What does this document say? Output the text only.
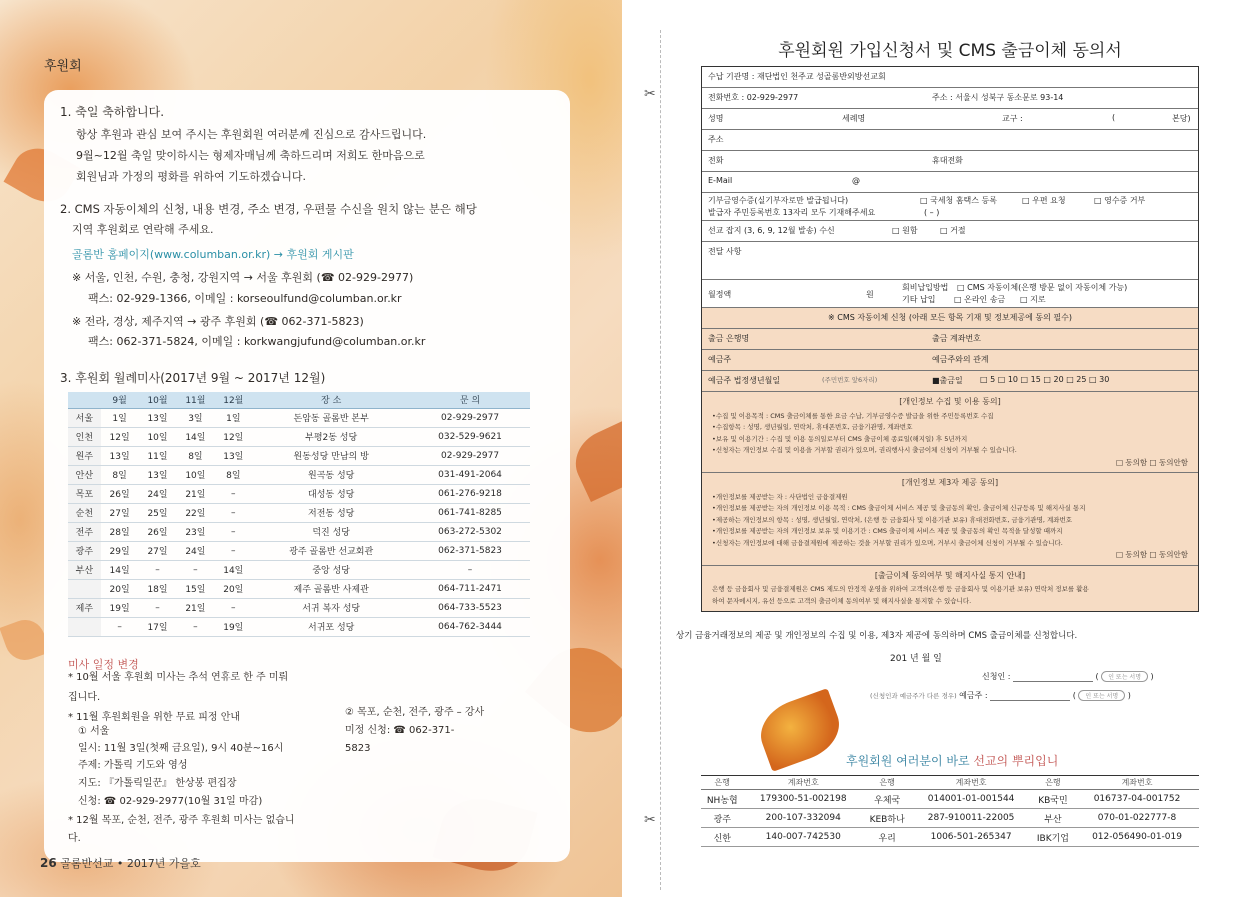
후원회
1. 축일 축하합니다.
항상 후원과 관심 보여 주시는 후원회원 여러분께 진심으로 감사드립니다.
9월~12월 축일 맞이하시는 형제자매님께 축하드리며 저희도 한마음으로
회원님과 가정의 평화를 위하여 기도하겠습니다.
2. CMS 자동이체의 신청, 내용 변경, 주소 변경, 우편물 수신을 원치 않는 분은 해당
지역 후원회로 연락해 주세요.
골롬반 홈페이지(www.columban.or.kr) → 후원회 게시판
※ 서울, 인천, 수원, 충청, 강원지역 → 서울 후원회 (☎ 02-929-2977)
팩스: 02-929-1366, 이메일 : korseoulfund@columban.or.kr
※ 전라, 경상, 제주지역 → 광주 후원회 (☎ 062-371-5823)
팩스: 062-371-5824, 이메일 : korkwangjufund@columban.or.kr
3. 후원회 월례미사(2017년 9월 ~ 2017년 12월)
	9월	10월	11월	12월	장 소	문 의
서울	1일	13일	3일	1일	돈암동 골롬반 본부	02-929-2977
인천	12일	10일	14일	12일	부평2동 성당	032-529-9621
원주	13일	11일	8일	13일	원동성당 만남의 방	02-929-2977
안산	8일	13일	10일	8일	원곡동 성당	031-491-2064
목포	26일	24일	21일	–	대성동 성당	061-276-9218
순천	27일	25일	22일	–	저전동 성당	061-741-8285
전주	28일	26일	23일	–	덕진 성당	063-272-5302
광주	29일	27일	24일	–	광주 골롬반 선교회관	062-371-5823
부산	14일	–	–	14일	중앙 성당	–
	20일	18일	15일	20일	제주 골롬반 사제관	064-711-2471
제주	19일	–	21일	–	서귀 복자 성당	064-733-5523
	–	17일	–	19일	서귀포 성당	064-762-3444
미사 일정 변경
* 10월 서울 후원회 미사는 추석 연휴로 한 주 미뤄
집니다.
* 11월 후원회원을 위한 무료 피정 안내
① 서울
일시: 11월 3일(첫째 금요일), 9시 40분~16시
주제: 가톨릭 기도와 영성
지도: 『가톨릭일꾼』 한상봉 편집장
신청: ☎ 02-929-2977(10월 31일 마감)
* 12월 목포, 순천, 전주, 광주 후원회 미사는 없습니
다.
② 목포, 순천, 전주, 광주 – 강사
미정 신청: ☎ 062-371-
5823
26 골롬반선교 • 2017년 가을호
✂
✂
후원회원 가입신청서 및 CMS 출금이체 동의서
수납 기관명 : 재단법인 천주교 성골롬반외방선교회
전화번호 : 02-929-2977	주소 : 서울시 성북구 동소문로 93-14
성명	세례명	교구 :	(	본당)
주소
전화	휴대전화
E-Mail	@
기부금영수증(실기부자로만 발급됩니다)
발급자 주민등록번호 13자리 모두 기재해주세요
□ 국세청 홈택스 등록	□ 우편 요청	□ 영수증 거부
( – )
선교 잡지 (3, 6, 9, 12월 발송) 수신	□ 원함	□ 거절
전달 사항
월정액	원
회비납입방법 □ CMS 자동이체(은행 방문 없이 자동이체 가능)
기타 납입 □ 온라인 송금 □ 지로
※ CMS 자동이체 신청 (아래 모든 항목 기재 및 정보제공에 동의 필수)
출금 은행명	출금 계좌번호
예금주	예금주와의 관계
예금주 법정생년월일	(주민번호 앞6자리)	■출금일 □ 5 □ 10 □ 15 □ 20 □ 25 □ 30
[개인정보 수집 및 이용 동의]
•수집 및 이용목적 : CMS 출금이체를 통한 요금 수납, 기부금영수증 발급을 위한 주민등록번호 수집
•수집항목 : 성명, 생년월일, 연락처, 휴대폰번호, 금융기관명, 계좌번호
•보유 및 이용기간 : 수집 및 이용 동의일로부터 CMS 출금이체 종료일(해지일) 후 5년까지
•신청자는 개인정보 수집 및 이용을 거부할 권리가 있으며, 권리행사시 출금이체 신청이 거부될 수 있습니다.
□ 동의함 □ 동의안함
[개인정보 제3자 제공 동의]
•개인정보를 제공받는 자 : 사단법인 금융결제원
•개인정보를 제공받는 자의 개인정보 이용 목적 : CMS 출금이체 서비스 제공 및 출금동의 확인, 출금이체 신규등록 및 해지사실 통지
•제공하는 개인정보의 항목 : 성명, 생년월일, 연락처, (은행 등 금융회사 및 이용기관 보유) 휴대전화번호, 금융기관명, 계좌번호
•개인정보를 제공받는 자의 개인정보 보유 및 이용기간 : CMS 출금이체 서비스 제공 및 출금동의 확인 목적을 달성할 때까지
•신청자는 개인정보에 대해 금융결제원에 제공하는 것을 거부할 권리가 있으며, 거부시 출금이체 신청이 거부될 수 있습니다.
□ 동의함 □ 동의안함
[출금이체 동의여부 및 해지사실 통지 안내]
은행 등 금융회사 및 금융결제원은 CMS 제도의 안정적 운영을 위하여 고객의(은행 등 금융회사 및 이용기관 보유) 연락처 정보를 활용
하여 문자메시지, 유선 등으로 고객의 출금이체 동의여부 및 해지사실을 통지할 수 있습니다.
상기 금융거래정보의 제공 및 개인정보의 수집 및 이용, 제3자 제공에 동의하며 CMS 출금이체를 신청합니다.
201 년 월 일
신청인 :	( 인 또는 서명 )
(신청인과 예금주가 다른 경우) 예금주 :	( 인 또는 서명 )
후원회원 여러분이 바로 선교의 뿌리입니
은행	계좌번호	은행	계좌번호	은행	계좌번호
NH농협	179300-51-002198	우체국	014001-01-001544	KB국민	016737-04-001752
광주	200-107-332094	KEB하나	287-910011-22005	부산	070-01-022777-8
신한	140-007-742530	우리	1006-501-265347	IBK기업	012-056490-01-019
